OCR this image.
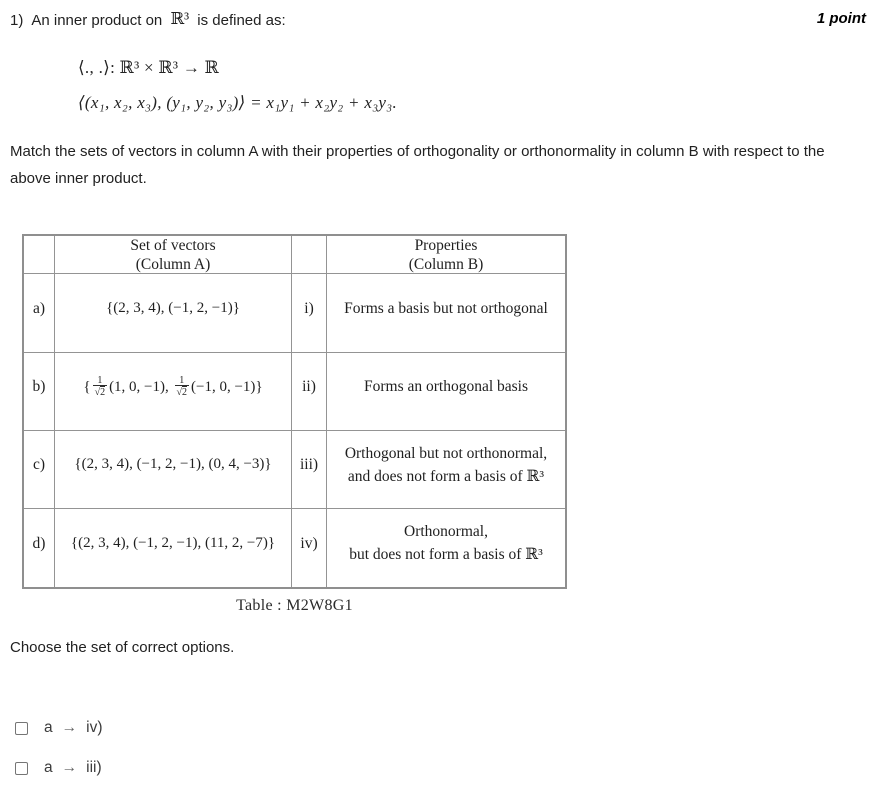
1) An inner product on ℝ³ is defined as:	1 point
⟨., .⟩: ℝ³ × ℝ³ → ℝ
⟨(x₁, x₂, x₃), (y₁, y₂, y₃)⟩ = x₁y₁ + x₂y₂ + x₃y₃.
Match the sets of vectors in column A with their properties of orthogonality or orthonormality in column B with respect to the above inner product.
Set of vectors
(Column A)
Properties
(Column B)
a)	{(2, 3, 4), (−1, 2, −1)}	i)	Forms a basis but not orthogonal
b)	{ $\frac{1}{√2} (1$, 0, −1), $\frac{1}{√2} (-1$, 0, −1)}	ii)	Forms an orthogonal basis
c)	{(2, 3, 4), (−1, 2, −1), (0, 4, −3)}	iii)
Orthogonal but not orthonormal,
and does not form a basis of ℝ³
d)	{(2, 3, 4), (−1, 2, −1), (11, 2, −7)}	iv)
Orthonormal,
but does not form a basis of ℝ³
Table : M2W8G1
Choose the set of correct options.
a → iv)
a → iii)
